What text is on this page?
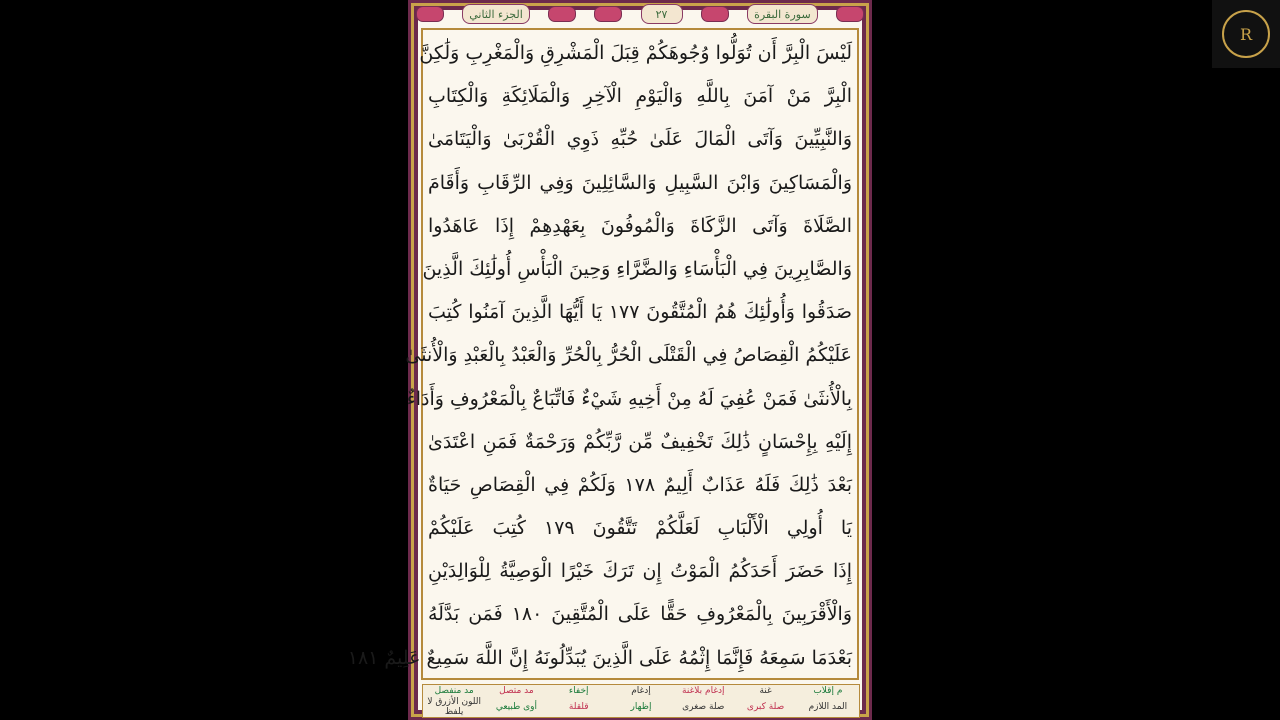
الجزء الثاني	٢٧	سورة البقرة
لَيْسَ الْبِرَّ أَن تُوَلُّوا وُجُوهَكُمْ قِبَلَ الْمَشْرِقِ وَالْمَغْرِبِ وَلَٰكِنَّ
الْبِرَّ مَنْ آمَنَ بِاللَّهِ وَالْيَوْمِ الْآخِرِ وَالْمَلَائِكَةِ وَالْكِتَابِ
وَالنَّبِيِّينَ وَآتَى الْمَالَ عَلَىٰ حُبِّهِ ذَوِي الْقُرْبَىٰ وَالْيَتَامَىٰ
وَالْمَسَاكِينَ وَابْنَ السَّبِيلِ وَالسَّائِلِينَ وَفِي الرِّقَابِ وَأَقَامَ
الصَّلَاةَ وَآتَى الزَّكَاةَ وَالْمُوفُونَ بِعَهْدِهِمْ إِذَا عَاهَدُوا
وَالصَّابِرِينَ فِي الْبَأْسَاءِ وَالضَّرَّاءِ وَحِينَ الْبَأْسِ أُولَٰئِكَ الَّذِينَ
صَدَقُوا وَأُولَٰئِكَ هُمُ الْمُتَّقُونَ ١٧٧ يَا أَيُّهَا الَّذِينَ آمَنُوا كُتِبَ
عَلَيْكُمُ الْقِصَاصُ فِي الْقَتْلَى الْحُرُّ بِالْحُرِّ وَالْعَبْدُ بِالْعَبْدِ وَالْأُنثَىٰ
بِالْأُنثَىٰ فَمَنْ عُفِيَ لَهُ مِنْ أَخِيهِ شَيْءٌ فَاتِّبَاعٌ بِالْمَعْرُوفِ وَأَدَاءٌ
إِلَيْهِ بِإِحْسَانٍ ذَٰلِكَ تَخْفِيفٌ مِّن رَّبِّكُمْ وَرَحْمَةٌ فَمَنِ اعْتَدَىٰ
بَعْدَ ذَٰلِكَ فَلَهُ عَذَابٌ أَلِيمٌ ١٧٨ وَلَكُمْ فِي الْقِصَاصِ حَيَاةٌ
يَا أُولِي الْأَلْبَابِ لَعَلَّكُمْ تَتَّقُونَ ١٧٩ كُتِبَ عَلَيْكُمْ
إِذَا حَضَرَ أَحَدَكُمُ الْمَوْتُ إِن تَرَكَ خَيْرًا الْوَصِيَّةُ لِلْوَالِدَيْنِ
وَالْأَقْرَبِينَ بِالْمَعْرُوفِ حَقًّا عَلَى الْمُتَّقِينَ ١٨٠ فَمَن بَدَّلَهُ
بَعْدَمَا سَمِعَهُ فَإِنَّمَا إِثْمُهُ عَلَى الَّذِينَ يُبَدِّلُونَهُ إِنَّ اللَّهَ سَمِيعٌ عَلِيمٌ ١٨١
م إقلاب
غنة
إدغام بلاغنة
إدغام
إخفاء
مد متصل
مد منفصل
المد اللازم
صلة كبرى
صلة صغرى
إظهار
قلقلة
أوى طبيعي
اللون الأزرق لا يلفظ
R
